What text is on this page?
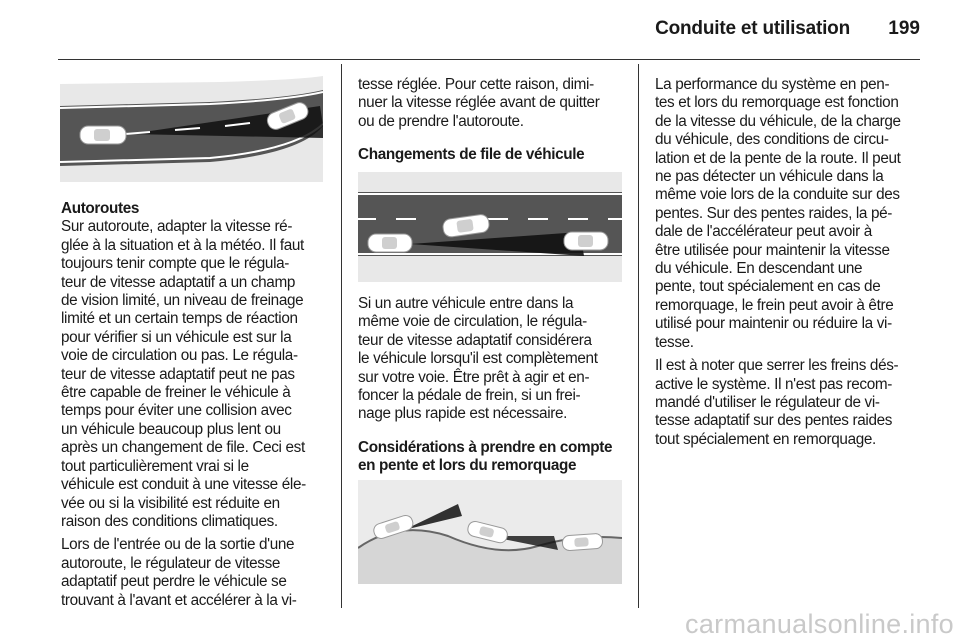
Conduite et utilisation 199

Autoroutes

Sur autoroute, adapter la vitesse ré-

glée à la situation et à la météo. Il faut

toujours tenir compte que le régula-

teur de vitesse adaptatif a un champ

de vision limité, un niveau de freinage

limité et un certain temps de réaction

pour vérifier si un véhicule est sur la

voie de circulation ou pas. Le régula-

teur de vitesse adaptatif peut ne pas

être capable de freiner le véhicule à

temps pour éviter une collision avec

un véhicule beaucoup plus lent ou

après un changement de file. Ceci est

tout particulièrement vrai si le

véhicule est conduit à une vitesse éle-

vée ou si la visibilité est réduite en

raison des conditions climatiques.

Lors de l'entrée ou de la sortie d'une

autoroute, le régulateur de vitesse

adaptatif peut perdre le véhicule se

trouvant à l'avant et accélérer à la vi-

tesse réglée. Pour cette raison, dimi-

nuer la vitesse réglée avant de quitter

ou de prendre l'autoroute.

Changements de file de véhicule

Si un autre véhicule entre dans la

même voie de circulation, le régula-

teur de vitesse adaptatif considérera

le véhicule lorsqu'il est complètement

sur votre voie. Être prêt à agir et en-

foncer la pédale de frein, si un frei-

nage plus rapide est nécessaire.

Considérations à prendre en compte

en pente et lors du remorquage

La performance du système en pen-

tes et lors du remorquage est fonction

de la vitesse du véhicule, de la charge

du véhicule, des conditions de circu-

lation et de la pente de la route. Il peut

ne pas détecter un véhicule dans la

même voie lors de la conduite sur des

pentes. Sur des pentes raides, la pé-

dale de l'accélérateur peut avoir à

être utilisée pour maintenir la vitesse

du véhicule. En descendant une

pente, tout spécialement en cas de

remorquage, le frein peut avoir à être

utilisé pour maintenir ou réduire la vi-

tesse.

Il est à noter que serrer les freins dés-

active le système. Il n'est pas recom-

mandé d'utiliser le régulateur de vi-

tesse adaptatif sur des pentes raides

tout spécialement en remorquage.

carmanualsonline.info
